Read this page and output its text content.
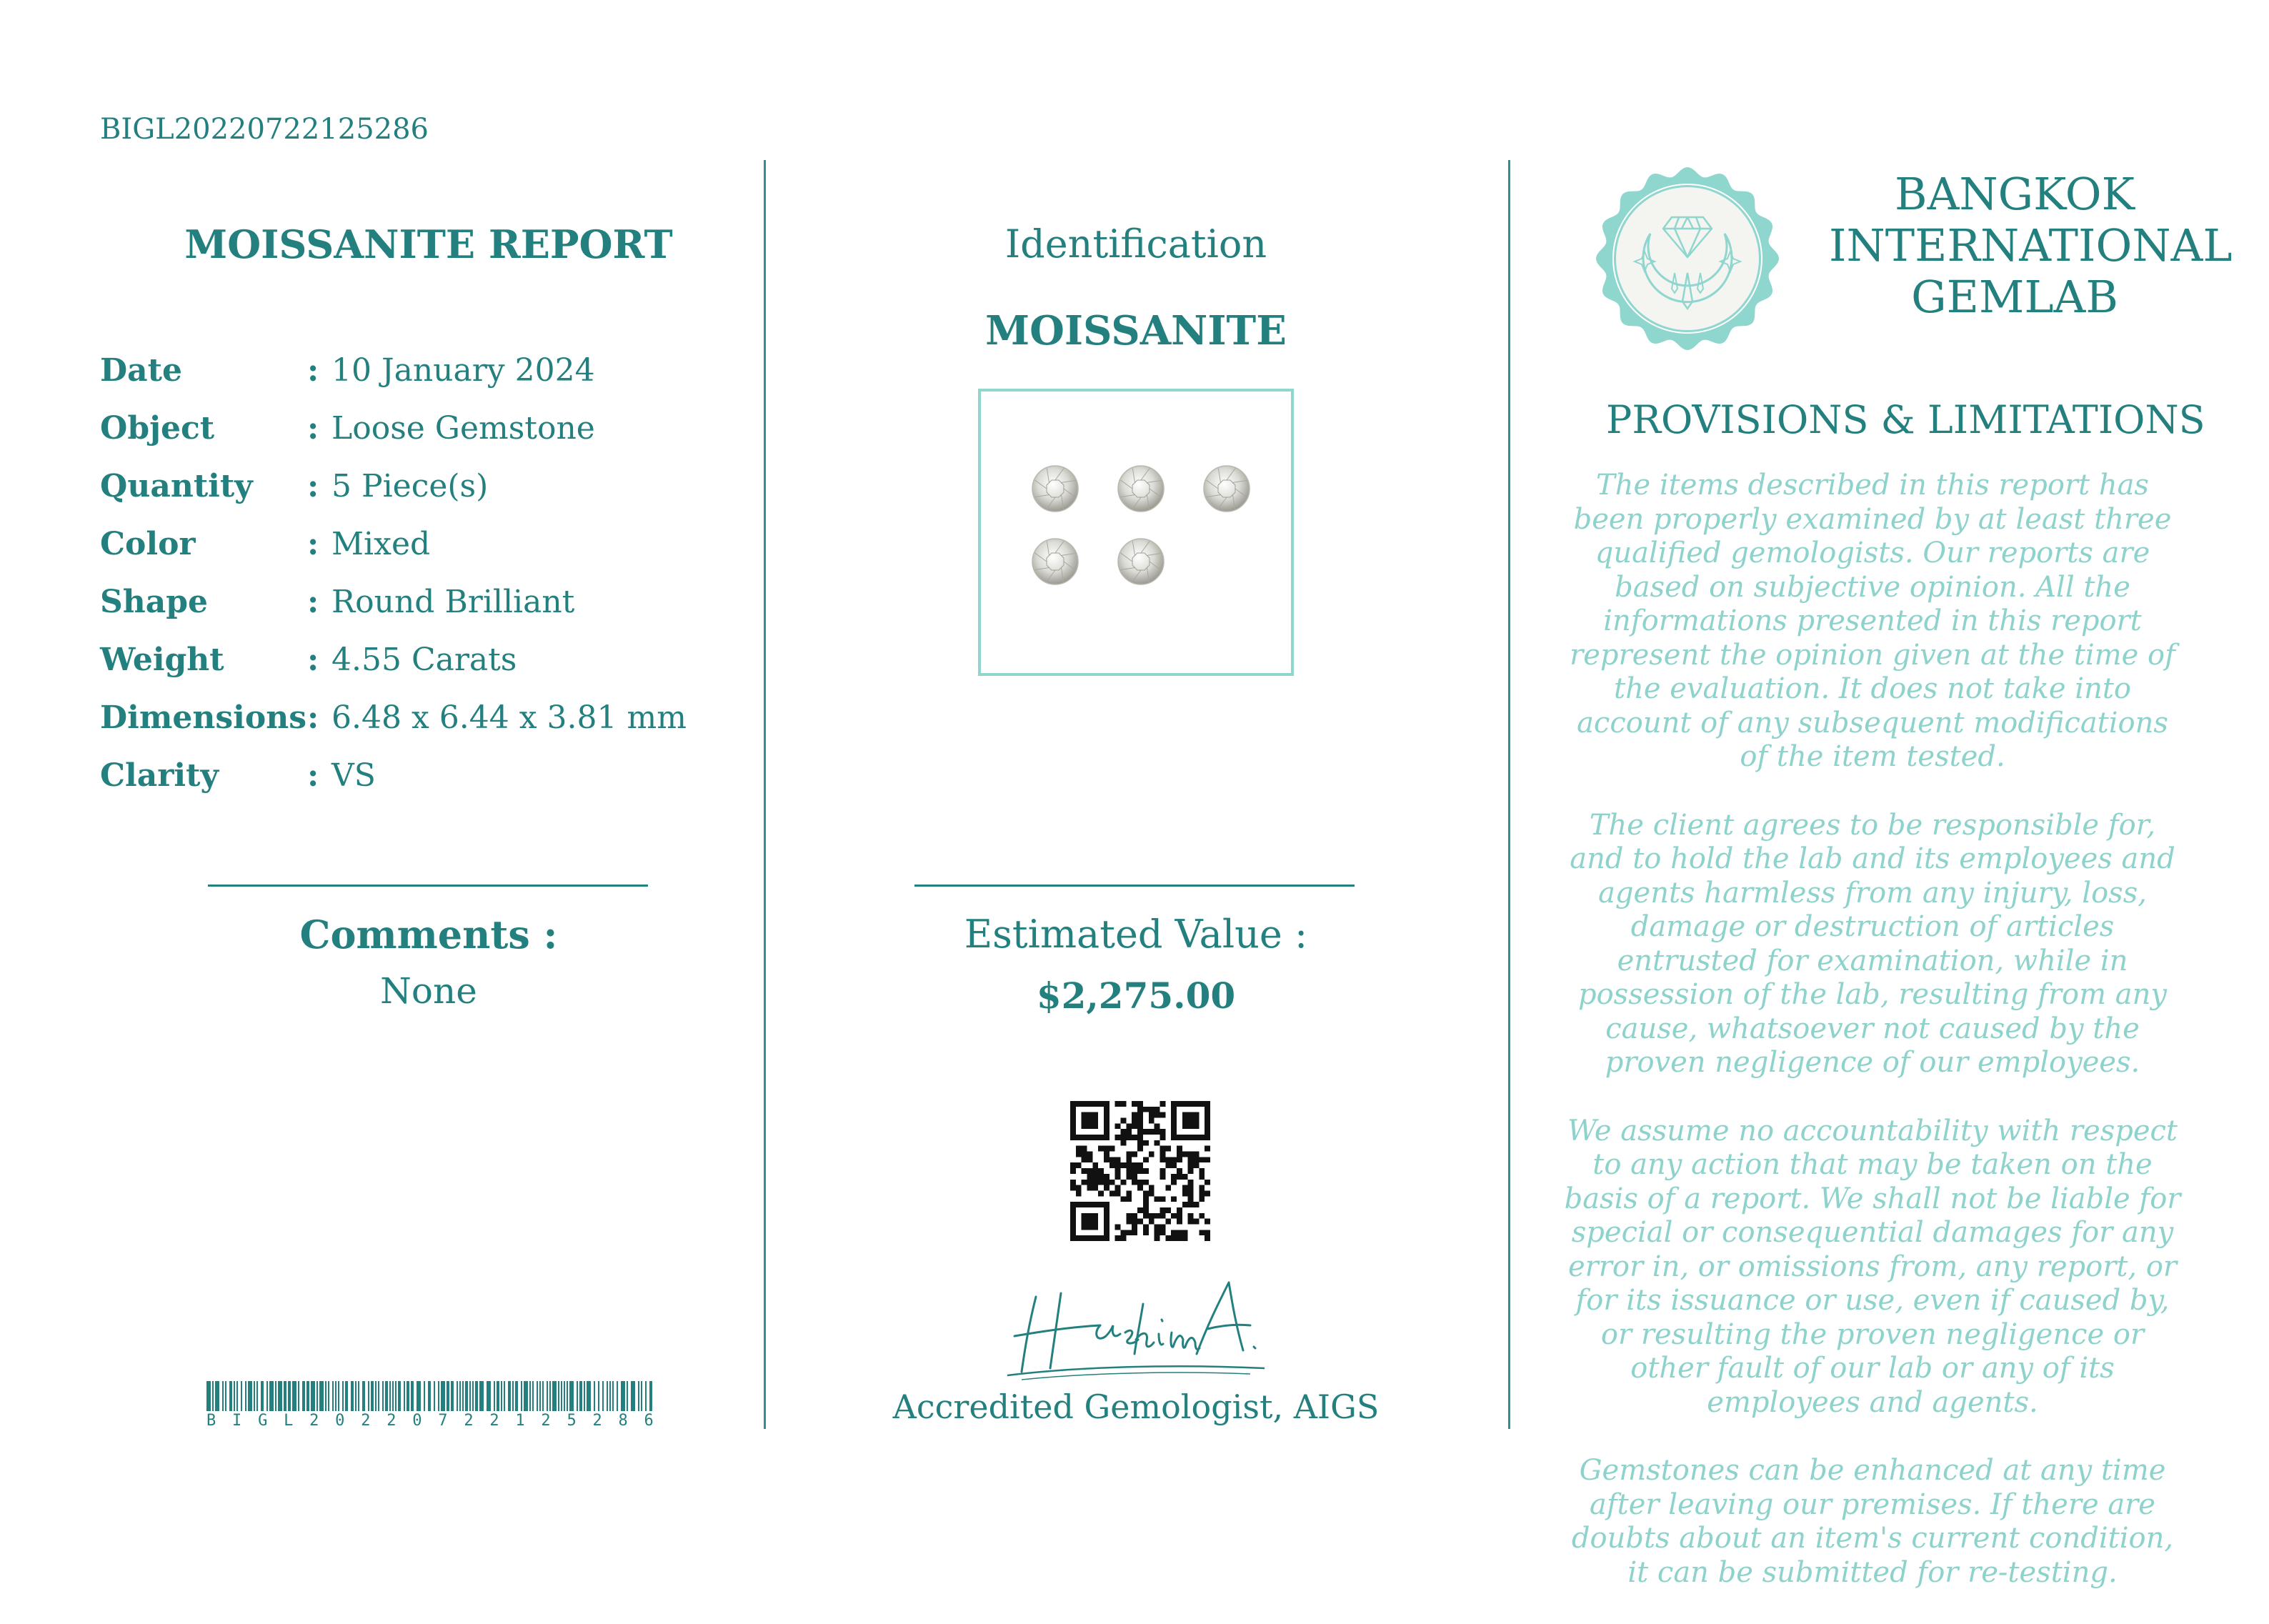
BIGL20220722125286
MOISSANITE REPORT
Date	: 10 January 2024
Object	: Loose Gemstone
Quantity	: 5 Piece(s)
Color	: Mixed
Shape	: Round Brilliant
Weight	: 4.55 Carats
Dimensions : 6.48 x 6.44 x 3.81 mm
Clarity	: VS
Comments :
None
B I G L 2 0 2 2 0 7 2 2 1 2 5 2 8 6
Identification
MOISSANITE
Estimated Value :
$2,275.00
Accredited Gemologist, AIGS
BANGKOK
INTERNATIONAL
GEMLAB
PROVISIONS & LIMITATIONS

The items described in this report has been properly examined by at least three qualified gemologists. Our reports are based on subjective opinion. All the informations presented in this report represent the opinion given at the time of the evaluation. It does not take into account of any subsequent modifications of the item tested.

The client agrees to be responsible for, and to hold the lab and its employees and agents harmless from any injury, loss, damage or destruction of articles entrusted for examination, while in possession of the lab, resulting from any cause, whatsoever not caused by the proven negligence of our employees.

We assume no accountability with respect to any action that may be taken on the basis of a report. We shall not be liable for special or consequential damages for any error in, or omissions from, any report, or for its issuance or use, even if caused by, or resulting the proven negligence or other fault of our lab or any of its employees and agents.

Gemstones can be enhanced at any time after leaving our premises. If there are doubts about an item's current condition, it can be submitted for re-testing.
